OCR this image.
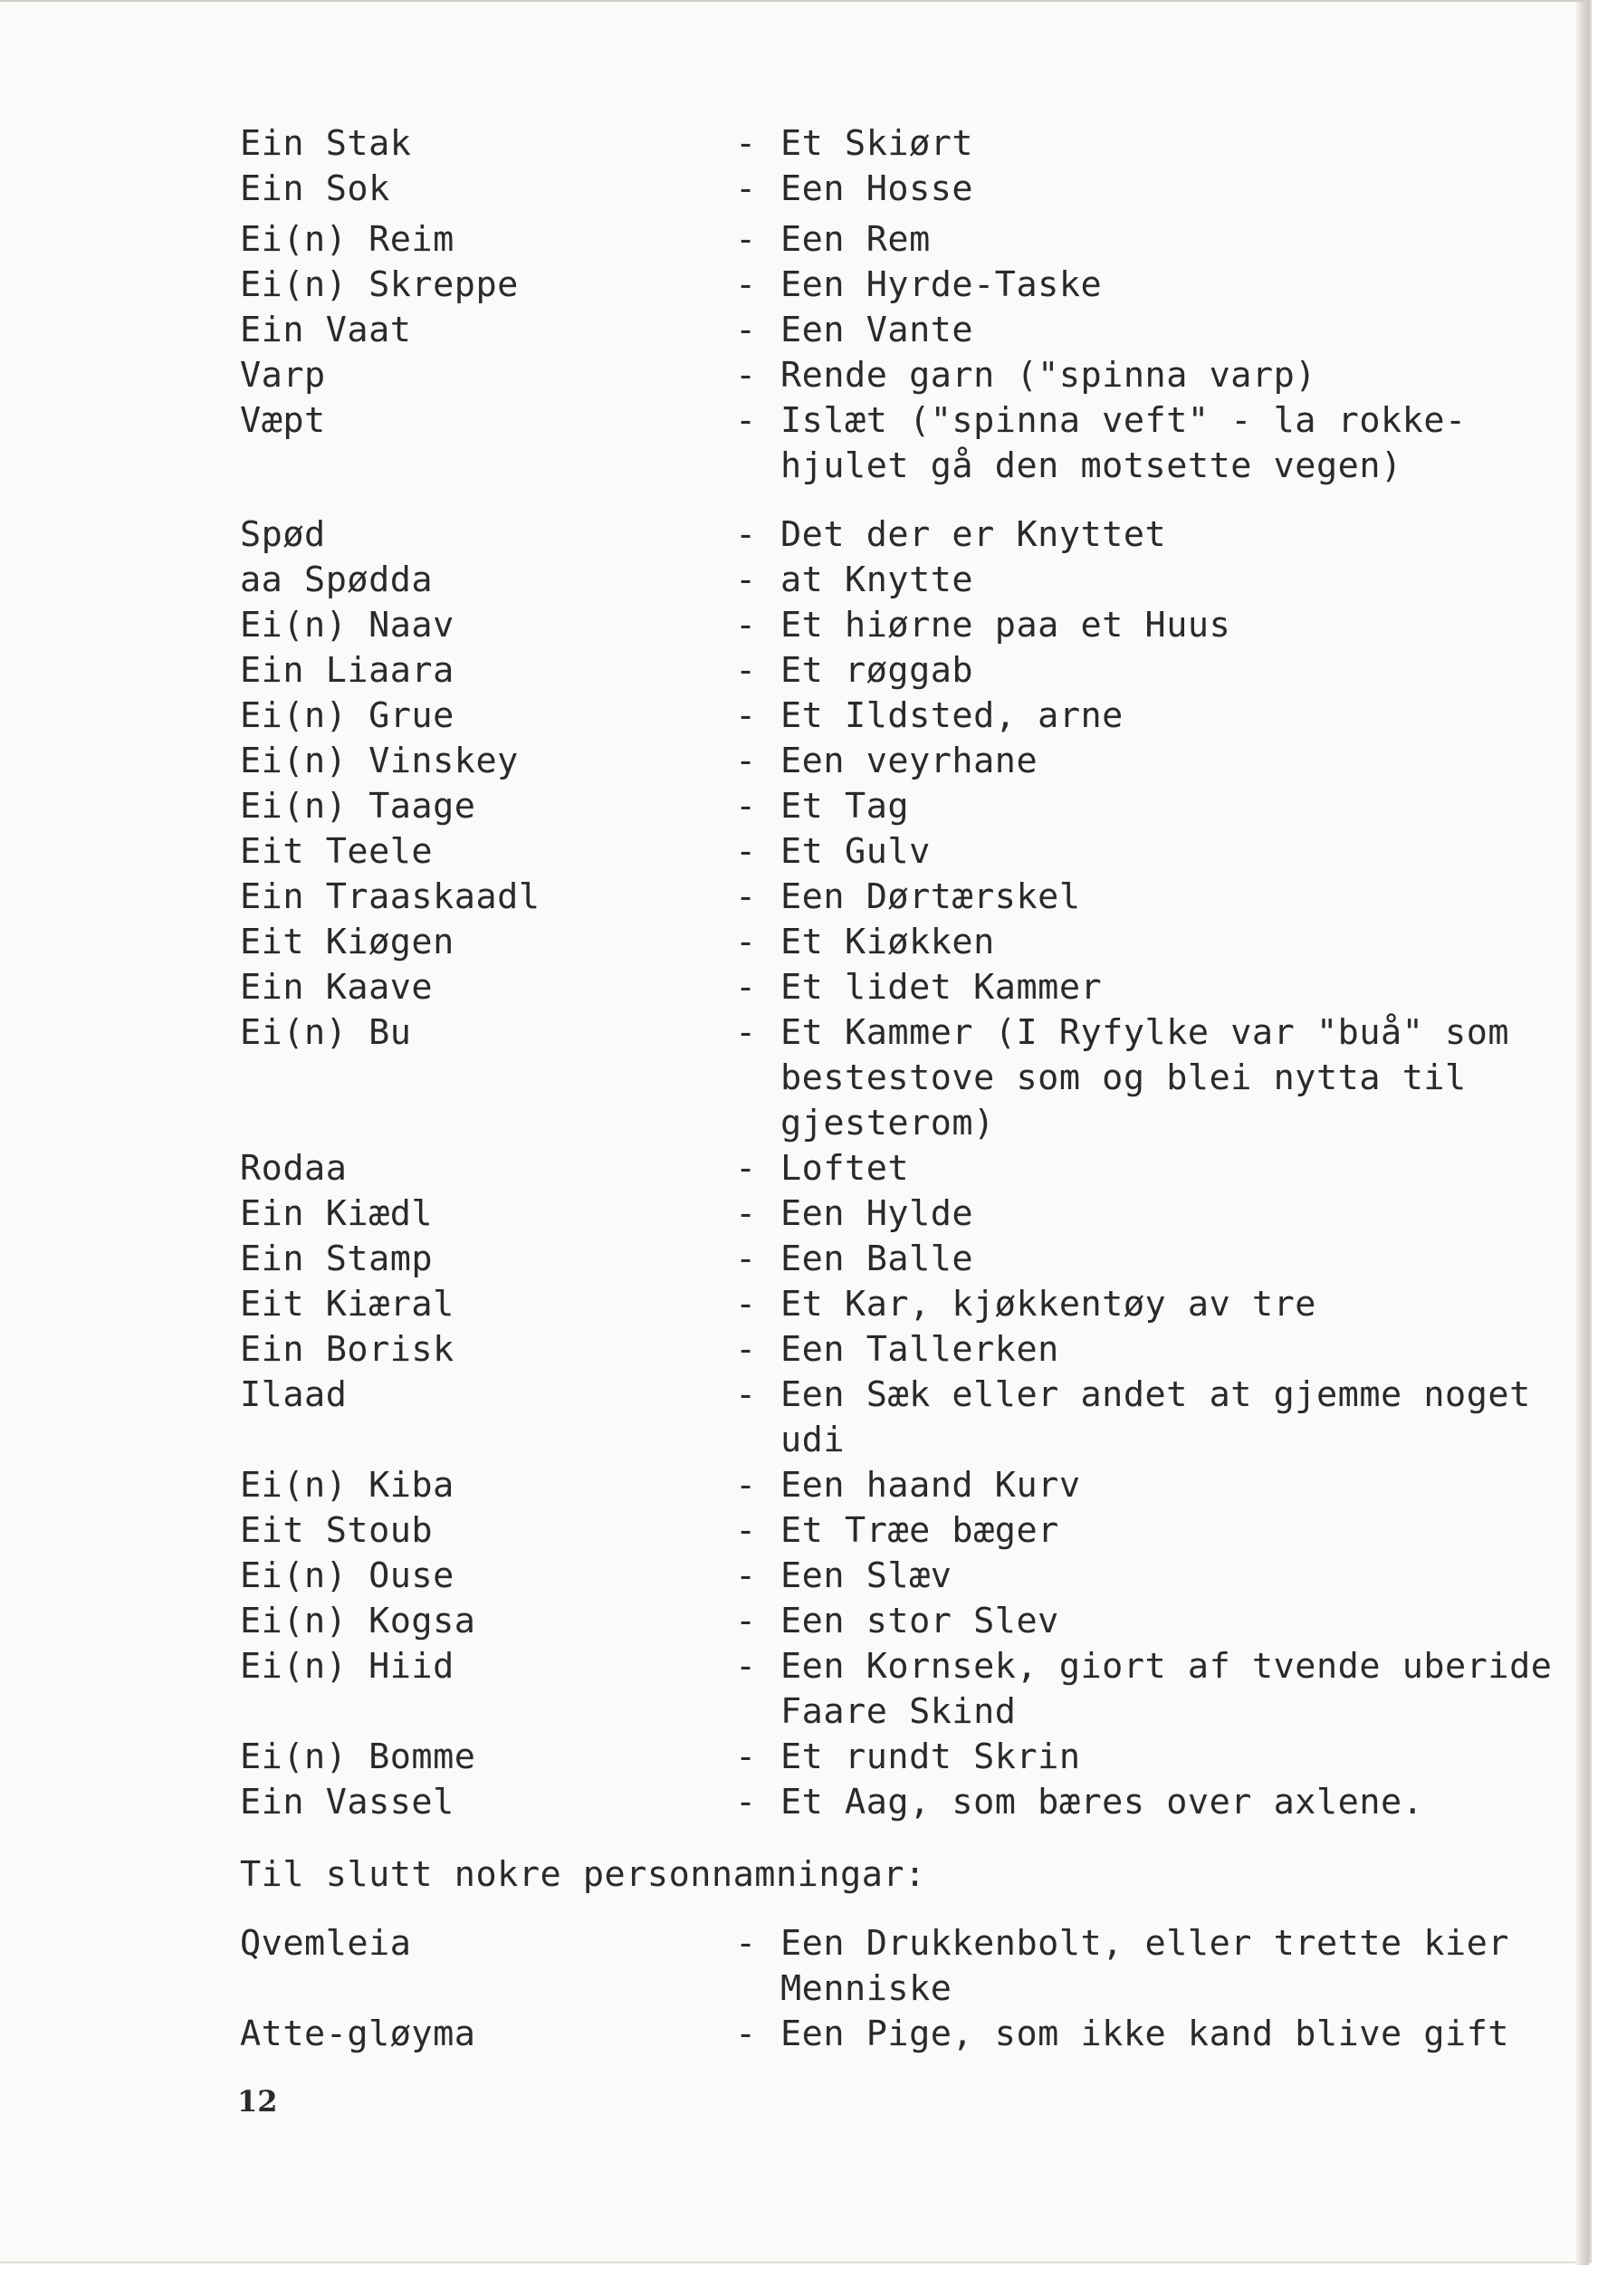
Ein Stak	- Et Skiørt
Ein Sok	- Een Hosse
Ei(n) Reim	- Een Rem
Ei(n) Skreppe	- Een Hyrde-Taske
Ein Vaat	- Een Vante
Varp	- Rende garn ("spinna varp)
Væpt	- Islæt ("spinna veft" - la rokke-
hjulet gå den motsette vegen)
Spød	- Det der er Knyttet
aa Spødda	- at Knytte
Ei(n) Naav	- Et hiørne paa et Huus
Ein Liaara	- Et røggab
Ei(n) Grue	- Et Ildsted, arne
Ei(n) Vinskey	- Een veyrhane
Ei(n) Taage	- Et Tag
Eit Teele	- Et Gulv
Ein Traaskaadl	- Een Dørtærskel
Eit Kiøgen	- Et Kiøkken
Ein Kaave	- Et lidet Kammer
Ei(n) Bu	- Et Kammer (I Ryfylke var "buå" som
bestestove som og blei nytta til
gjesterom)
Rodaa	- Loftet
Ein Kiædl	- Een Hylde
Ein Stamp	- Een Balle
Eit Kiæral	- Et Kar, kjøkkentøy av tre
Ein Borisk	- Een Tallerken
Ilaad	- Een Sæk eller andet at gjemme noget
udi
Ei(n) Kiba	- Een haand Kurv
Eit Stoub	- Et Træe bæger
Ei(n) Ouse	- Een Slæv
Ei(n) Kogsa	- Een stor Slev
Ei(n) Hiid	- Een Kornsek, giort af tvende uberide
Faare Skind
Ei(n) Bomme	- Et rundt Skrin
Ein Vassel	- Et Aag, som bæres over axlene.
Til slutt nokre personnamningar:
Qvemleia	- Een Drukkenbolt, eller trette kier
Menniske
Atte-gløyma	- Een Pige, som ikke kand blive gift
12
